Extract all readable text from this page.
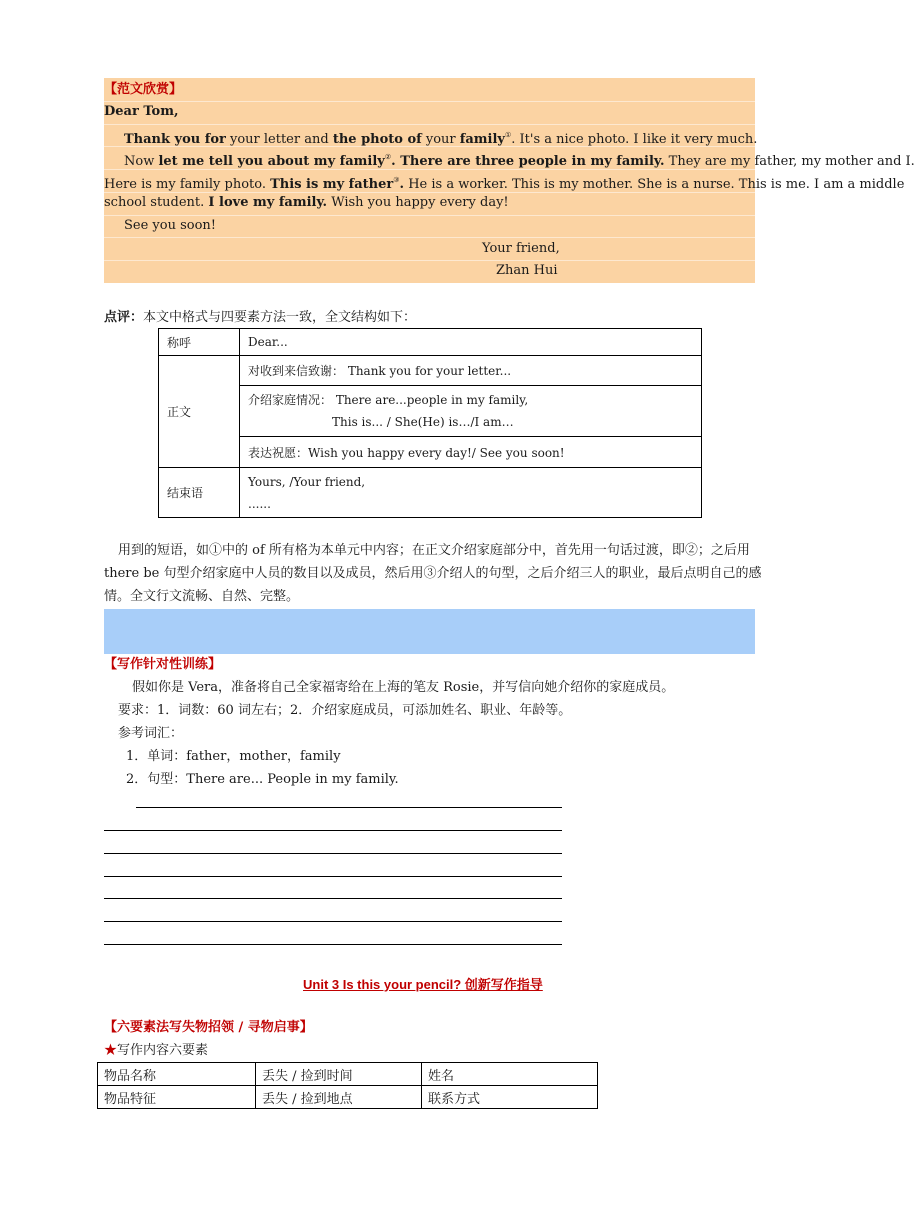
【范文欣赏】
Dear Tom,
Thank you for your letter and the photo of your family①. It's a nice photo. I like it very much.
Now let me tell you about my family②. There are three people in my family. They are my father, my mother and I.
Here is my family photo. This is my father③. He is a worker. This is my mother. She is a nurse. This is me. I am a middle
school student. I love my family. Wish you happy every day!
See you soon!
Your friend,
Zhan Hui
点评：本文中格式与四要素方法一致，全文结构如下：
称呼	Dear...
正文	对收到来信致谢： Thank you for your letter...

	介绍家庭情况： There are...people in my family,
This is... / She(He) is…/I am…

	表达祝愿：Wish you happy every day!/ See you soon!
结束语	Yours, /Your friend,
......
用到的短语，如①中的 of 所有格为本单元中内容；在正文介绍家庭部分中，首先用一句话过渡，即②；之后用
there be 句型介绍家庭中人员的数目以及成员，然后用③介绍人的句型，之后介绍三人的职业，最后点明自己的感
情。全文行文流畅、自然、完整。
【写作针对性训练】
假如你是 Vera，准备将自己全家福寄给在上海的笔友 Rosie，并写信向她介绍你的家庭成员。
要求：1．词数：60 词左右；2．介绍家庭成员，可添加姓名、职业、年龄等。
参考词汇：
1．单词：father，mother，family
2．句型：There are... People in my family.
Unit 3 Is this your pencil? 创新写作指导
【六要素法写失物招领 / 寻物启事】
★写作内容六要素
物品名称	丢失 / 捡到时间	姓名
物品特征	丢失 / 捡到地点	联系方式
